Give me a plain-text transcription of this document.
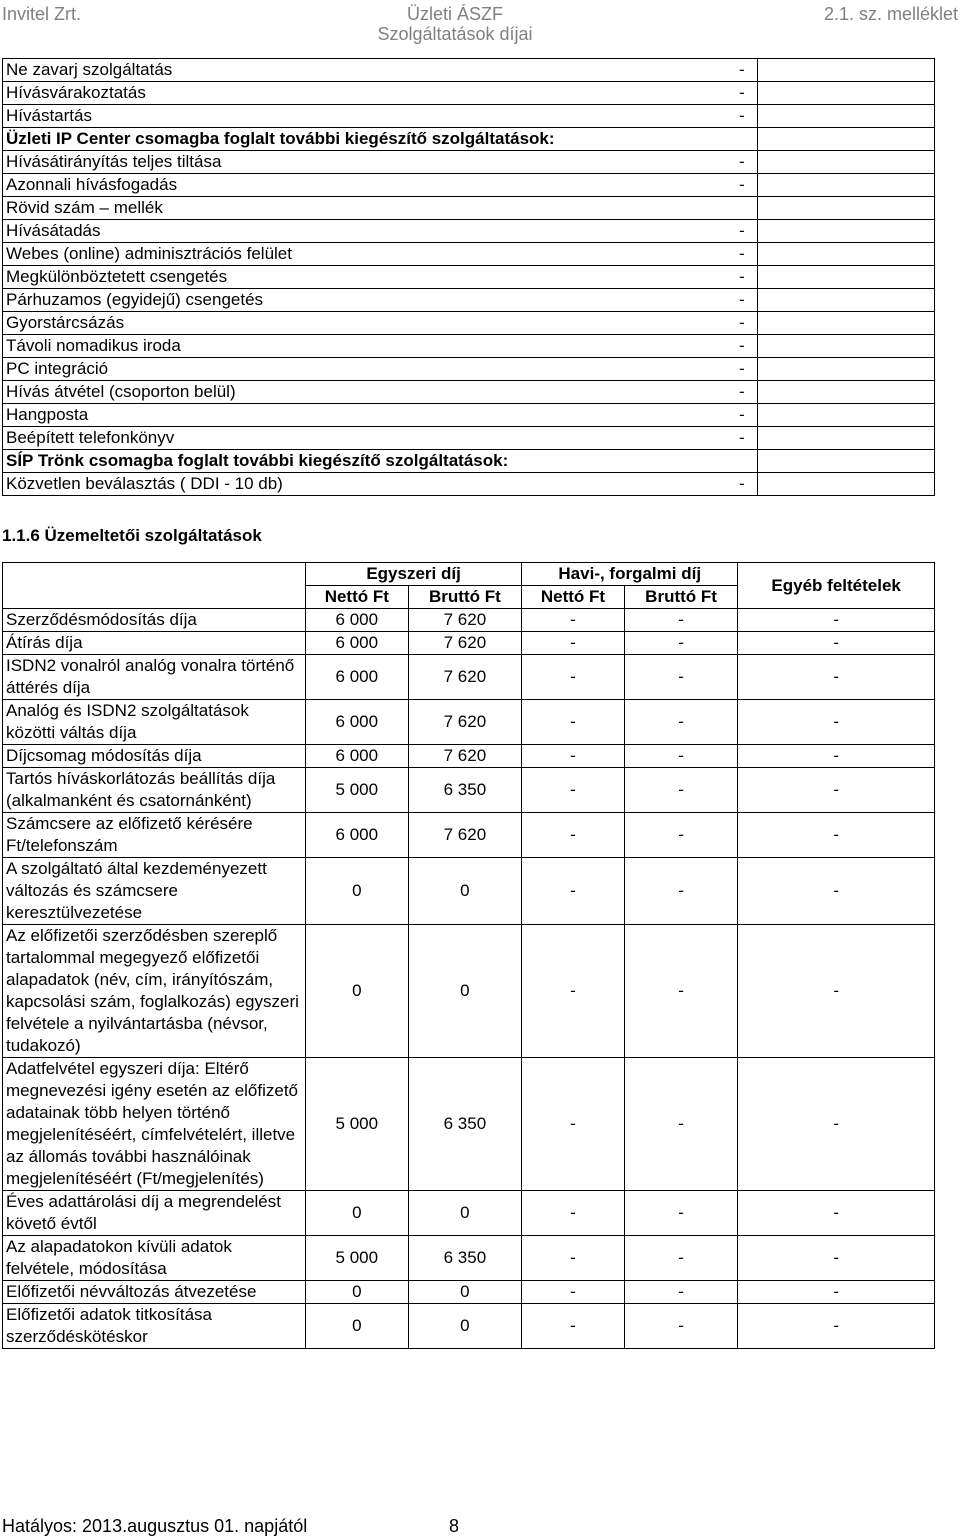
Invitel Zrt.	Üzleti ÁSZF
Szolgáltatások díjai
2.1. sz. melléklet
Ne zavarj szolgáltatás	-
Hívásvárakoztatás	-
Hívástartás	-
Üzleti IP Center csomagba foglalt további kiegészítő szolgáltatások:	
Hívásátirányítás teljes tiltása	-
Azonnali hívásfogadás	-
Rövid szám – mellék	
Hívásátadás	-
Webes (online) adminisztrációs felület	-
Megkülönböztetett csengetés	-
Párhuzamos (egyidejű) csengetés	-
Gyorstárcsázás	-
Távoli nomadikus iroda	-
PC integráció	-
Hívás átvétel (csoporton belül)	-
Hangposta	-
Beépített telefonkönyv	-
SÍP Trönk csomagba foglalt további kiegészítő szolgáltatások:	
Közvetlen beválasztás ( DDI - 10 db)	-
1.1.6 Üzemeltetői szolgáltatások
	Egyszeri díj		Havi-, forgalmi díj		Egyéb feltételek
	Nettó Ft	Bruttó Ft	Nettó Ft	Bruttó Ft	
Szerződésmódosítás díja	6 000	7 620	-	-	-
Átírás díja	6 000	7 620	-	-	-
ISDN2 vonalról analóg vonalra történő áttérés díja	6 000	7 620	-	-	-
Analóg és ISDN2 szolgáltatások közötti váltás díja	6 000	7 620	-	-	-
Díjcsomag módosítás díja	6 000	7 620	-	-	-
Tartós híváskorlátozás beállítás díja (alkalmanként és csatornánként)	5 000	6 350	-	-	-
Számcsere az előfizető kérésére Ft/telefonszám	6 000	7 620	-	-	-
A szolgáltató által kezdeményezett változás és számcsere keresztülvezetése	0	0	-	-	-
Az előfizetői szerződésben szereplő tartalommal megegyező előfizetői alapadatok (név, cím, irányítószám, kapcsolási szám, foglalkozás) egyszeri felvétele a nyilvántartásba (névsor, tudakozó)	0	0	-	-	-
Adatfelvétel egyszeri díja: Eltérő megnevezési igény esetén az előfizető adatainak több helyen történő megjelenítéséért, címfelvételért, illetve az állomás további használóinak megjelenítéséért (Ft/megjelenítés)	5 000	6 350	-	-	-
Éves adattárolási díj a megrendelést követő évtől	0	0	-	-	-
Az alapadatokon kívüli adatok felvétele, módosítása	5 000	6 350	-	-	-
Előfizetői névváltozás átvezetése	0	0	-	-	-
Előfizetői adatok titkosítása szerződéskötéskor	0	0	-	-	-
Hatályos: 2013.augusztus 01. napjától	8
